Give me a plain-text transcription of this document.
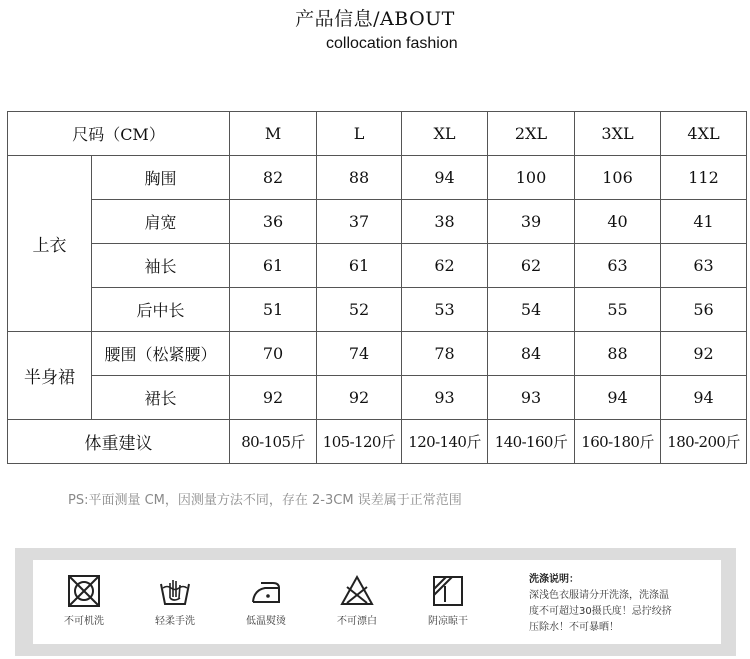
产品信息/ABOUT
collocation fashion
尺码（CM）		M	L	XL	2XL	3XL	4XL
上衣	胸围	82	88	94	100	106	112
	肩宽	36	37	38	39	40	41
	袖长	61	61	62	62	63	63
	后中长	51	52	53	54	55	56
半身裙	腰围（松紧腰）	70	74	78	84	88	92
	裙长	92	92	93	93	94	94
体重建议		80-105斤	105-120斤	120-140斤	140-160斤	160-180斤	180-200斤
PS:平面测量 CM，因测量方法不同，存在 2-3CM 误差属于正常范围
不可机洗	轻柔手洗	低温熨烫	不可漂白	阴凉晾干
洗涤说明：
深浅色衣服请分开洗涤，洗涤温
度不可超过30摄氏度！忌拧绞挤
压除水！不可暴晒！
